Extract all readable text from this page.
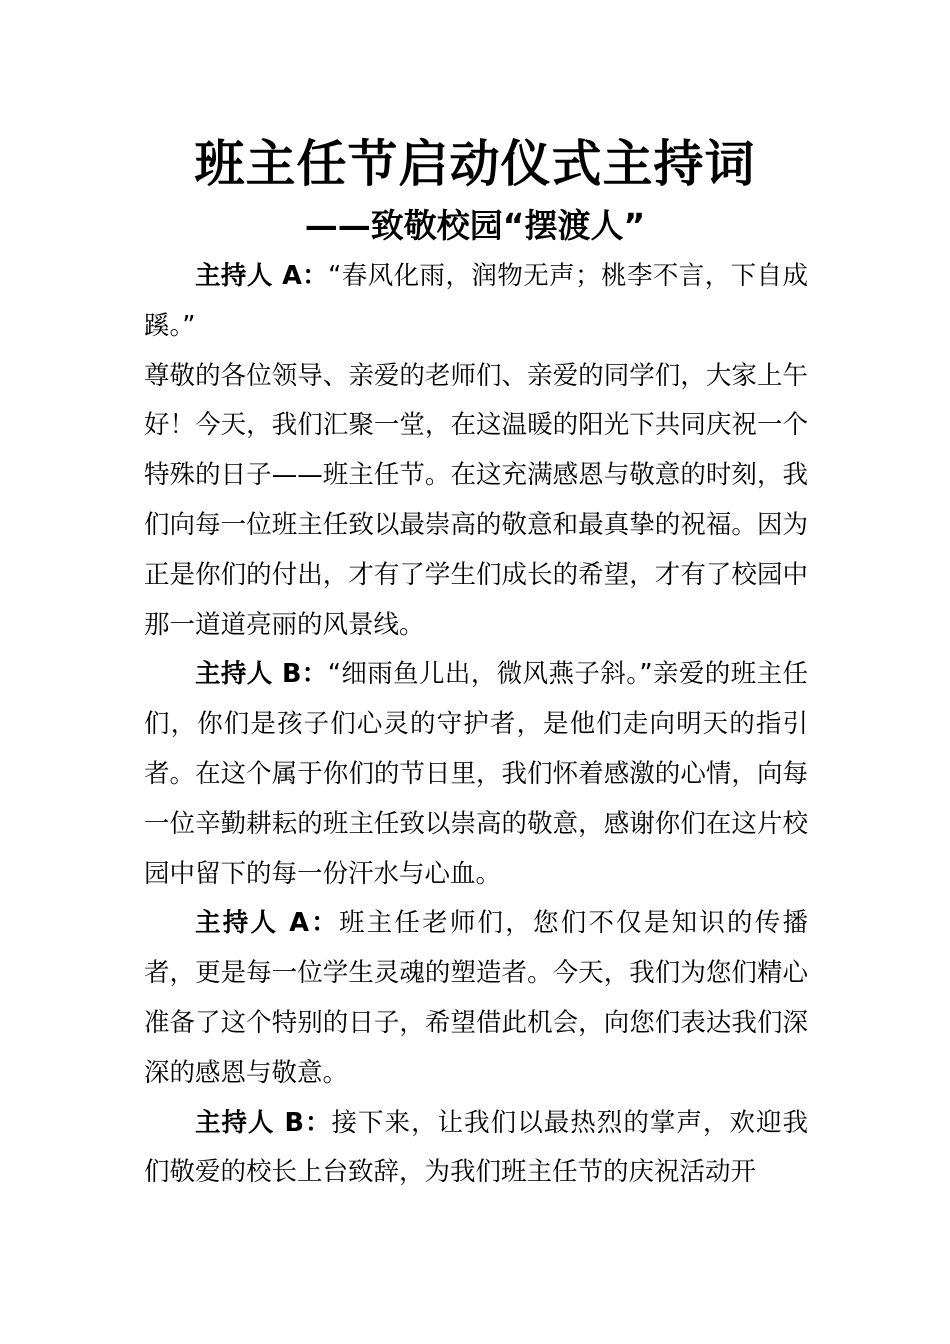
班主任节启动仪式主持词
——致敬校园“摆渡人”

主持人 A：“春风化雨，润物无声；桃李不言，下自成蹊。”

尊敬的各位领导、亲爱的老师们、亲爱的同学们，大家上午好！今天，我们汇聚一堂，在这温暖的阳光下共同庆祝一个特殊的日子——班主任节。在这充满感恩与敬意的时刻，我们向每一位班主任致以最崇高的敬意和最真挚的祝福。因为正是你们的付出，才有了学生们成长的希望，才有了校园中那一道道亮丽的风景线。

主持人 B：“细雨鱼儿出，微风燕子斜。”亲爱的班主任们，你们是孩子们心灵的守护者，是他们走向明天的指引者。在这个属于你们的节日里，我们怀着感激的心情，向每一位辛勤耕耘的班主任致以崇高的敬意，感谢你们在这片校园中留下的每一份汗水与心血。

主持人 A：班主任老师们，您们不仅是知识的传播者，更是每一位学生灵魂的塑造者。今天，我们为您们精心准备了这个特别的日子，希望借此机会，向您们表达我们深深的感恩与敬意。

主持人 B：接下来，让我们以最热烈的掌声，欢迎我们敬爱的校长上台致辞，为我们班主任节的庆祝活动开
